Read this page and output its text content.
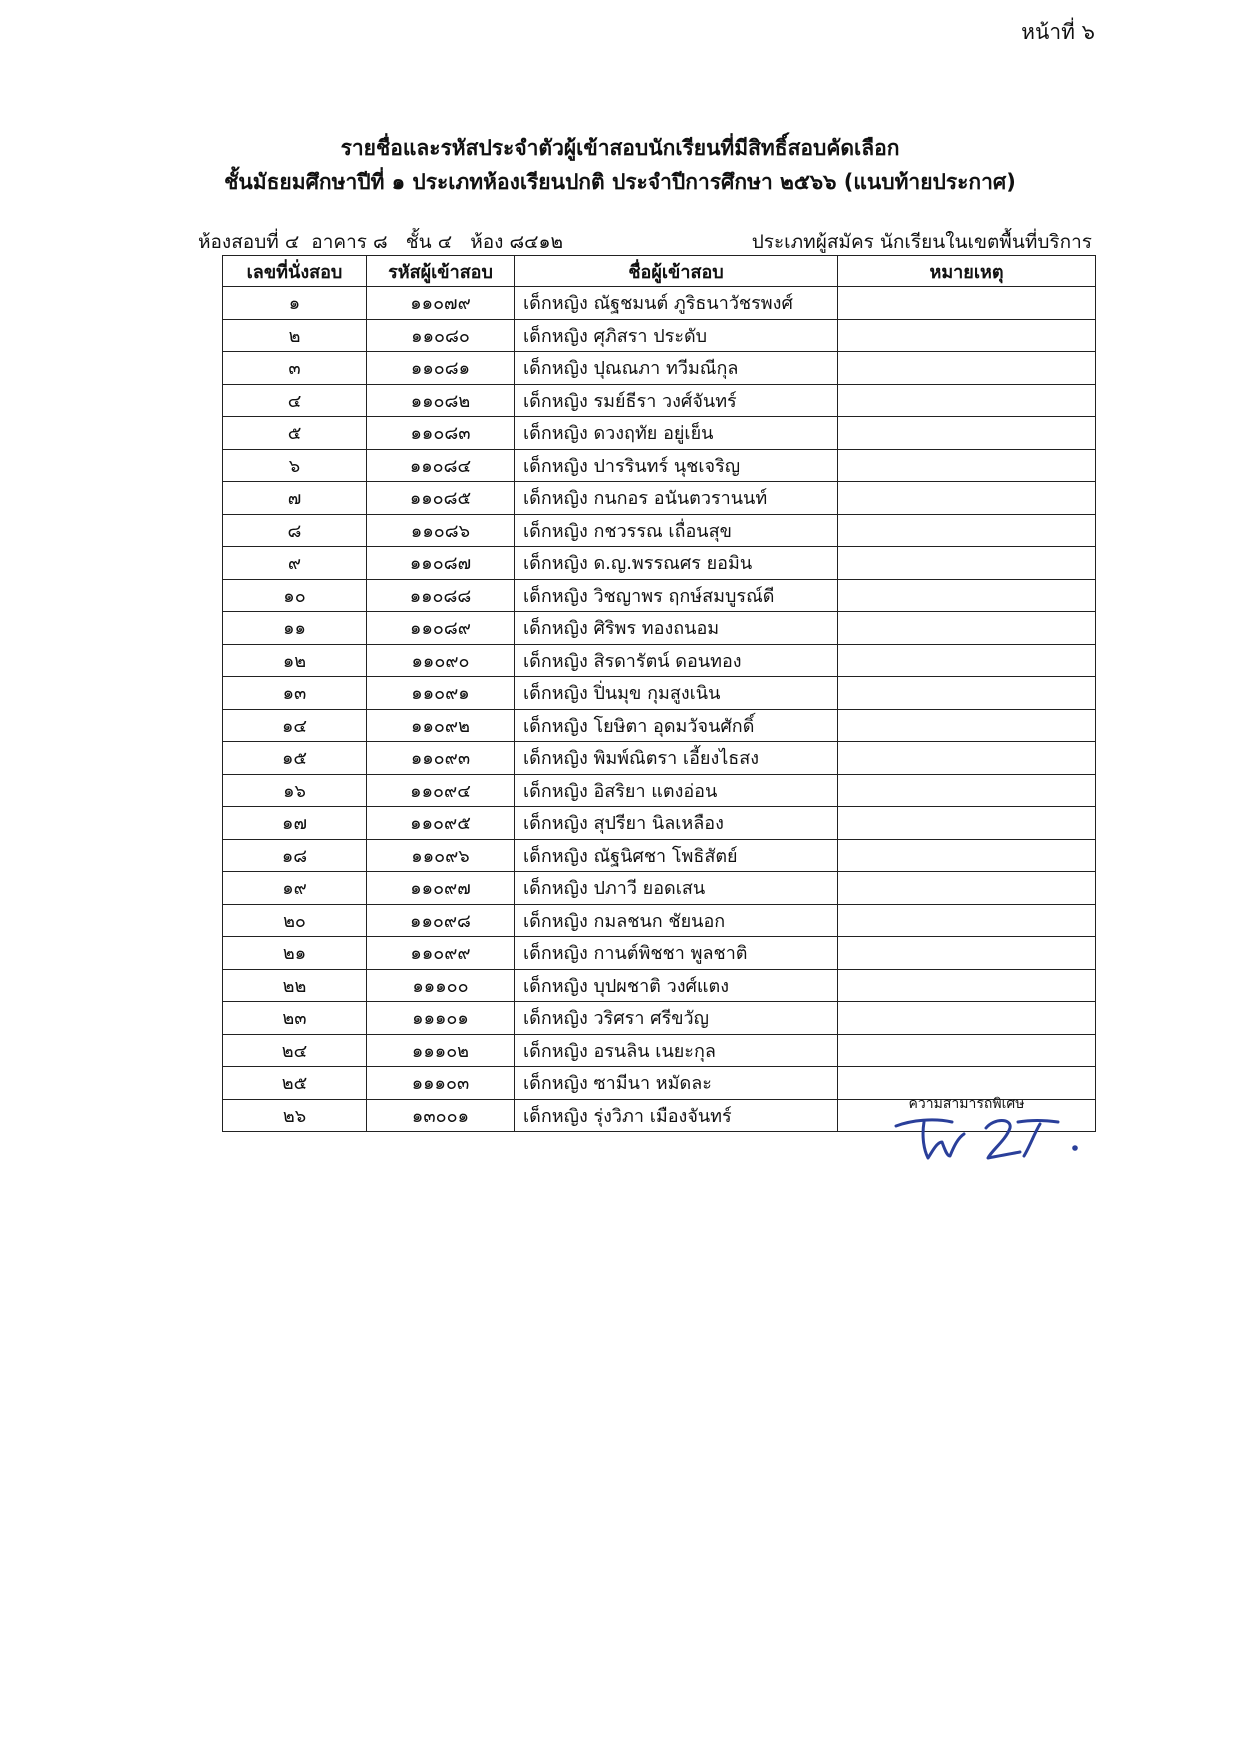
หน้าที่ ๖
รายชื่อและรหัสประจำตัวผู้เข้าสอบนักเรียนที่มีสิทธิ์สอบคัดเลือก
ชั้นมัธยมศึกษาปีที่ ๑ ประเภทห้องเรียนปกติ ประจำปีการศึกษา ๒๕๖๖ (แนบท้ายประกาศ)
ห้องสอบที่ ๔  อาคาร ๘   ชั้น ๔   ห้อง ๘๔๑๒	ประเภทผู้สมัคร นักเรียนในเขตพื้นที่บริการ
เลขที่นั่งสอบ	รหัสผู้เข้าสอบ	ชื่อผู้เข้าสอบ	หมายเหตุ
๑	๑๑๐๗๙	เด็กหญิง ณัฐชมนต์ ภูริธนาวัชรพงศ์	

๒	๑๑๐๘๐	เด็กหญิง ศุภิสรา ประดับ	

๓	๑๑๐๘๑	เด็กหญิง ปุณณภา ทวีมณีกุล	

๔	๑๑๐๘๒	เด็กหญิง รมย์ธีรา วงศ์จันทร์	

๕	๑๑๐๘๓	เด็กหญิง ดวงฤทัย อยู่เย็น	

๖	๑๑๐๘๔	เด็กหญิง ปารรินทร์ นุชเจริญ	

๗	๑๑๐๘๕	เด็กหญิง กนกอร อนันตวรานนท์	

๘	๑๑๐๘๖	เด็กหญิง กชวรรณ เถื่อนสุข	

๙	๑๑๐๘๗	เด็กหญิง ด.ญ.พรรณศร ยอมิน	

๑๐	๑๑๐๘๘	เด็กหญิง วิชญาพร ฤกษ์สมบูรณ์ดี	

๑๑	๑๑๐๘๙	เด็กหญิง ศิริพร ทองถนอม	

๑๒	๑๑๐๙๐	เด็กหญิง สิรดารัตน์ ดอนทอง	

๑๓	๑๑๐๙๑	เด็กหญิง ปิ่นมุข กุมสูงเนิน	

๑๔	๑๑๐๙๒	เด็กหญิง โยษิตา อุดมวัจนศักดิ์	

๑๕	๑๑๐๙๓	เด็กหญิง พิมพ์ณิตรา เอี้ยงไธสง	

๑๖	๑๑๐๙๔	เด็กหญิง อิสริยา แตงอ่อน	

๑๗	๑๑๐๙๕	เด็กหญิง สุปรียา นิลเหลือง	

๑๘	๑๑๐๙๖	เด็กหญิง ณัฐนิศชา โพธิสัตย์	

๑๙	๑๑๐๙๗	เด็กหญิง ปภาวี ยอดเสน	

๒๐	๑๑๐๙๘	เด็กหญิง กมลชนก ชัยนอก	

๒๑	๑๑๐๙๙	เด็กหญิง กานต์พิชชา พูลชาติ	

๒๒	๑๑๑๐๐	เด็กหญิง บุปผชาติ วงศ์แตง	

๒๓	๑๑๑๐๑	เด็กหญิง วริศรา ศรีขวัญ	

๒๔	๑๑๑๐๒	เด็กหญิง อรนลิน เนยะกุล	

๒๕	๑๑๑๐๓	เด็กหญิง ซามีนา หมัดละ	

๒๖	๑๓๐๐๑	เด็กหญิง รุ่งวิภา เมืองจันทร์	ความสามารถพิเศษ
